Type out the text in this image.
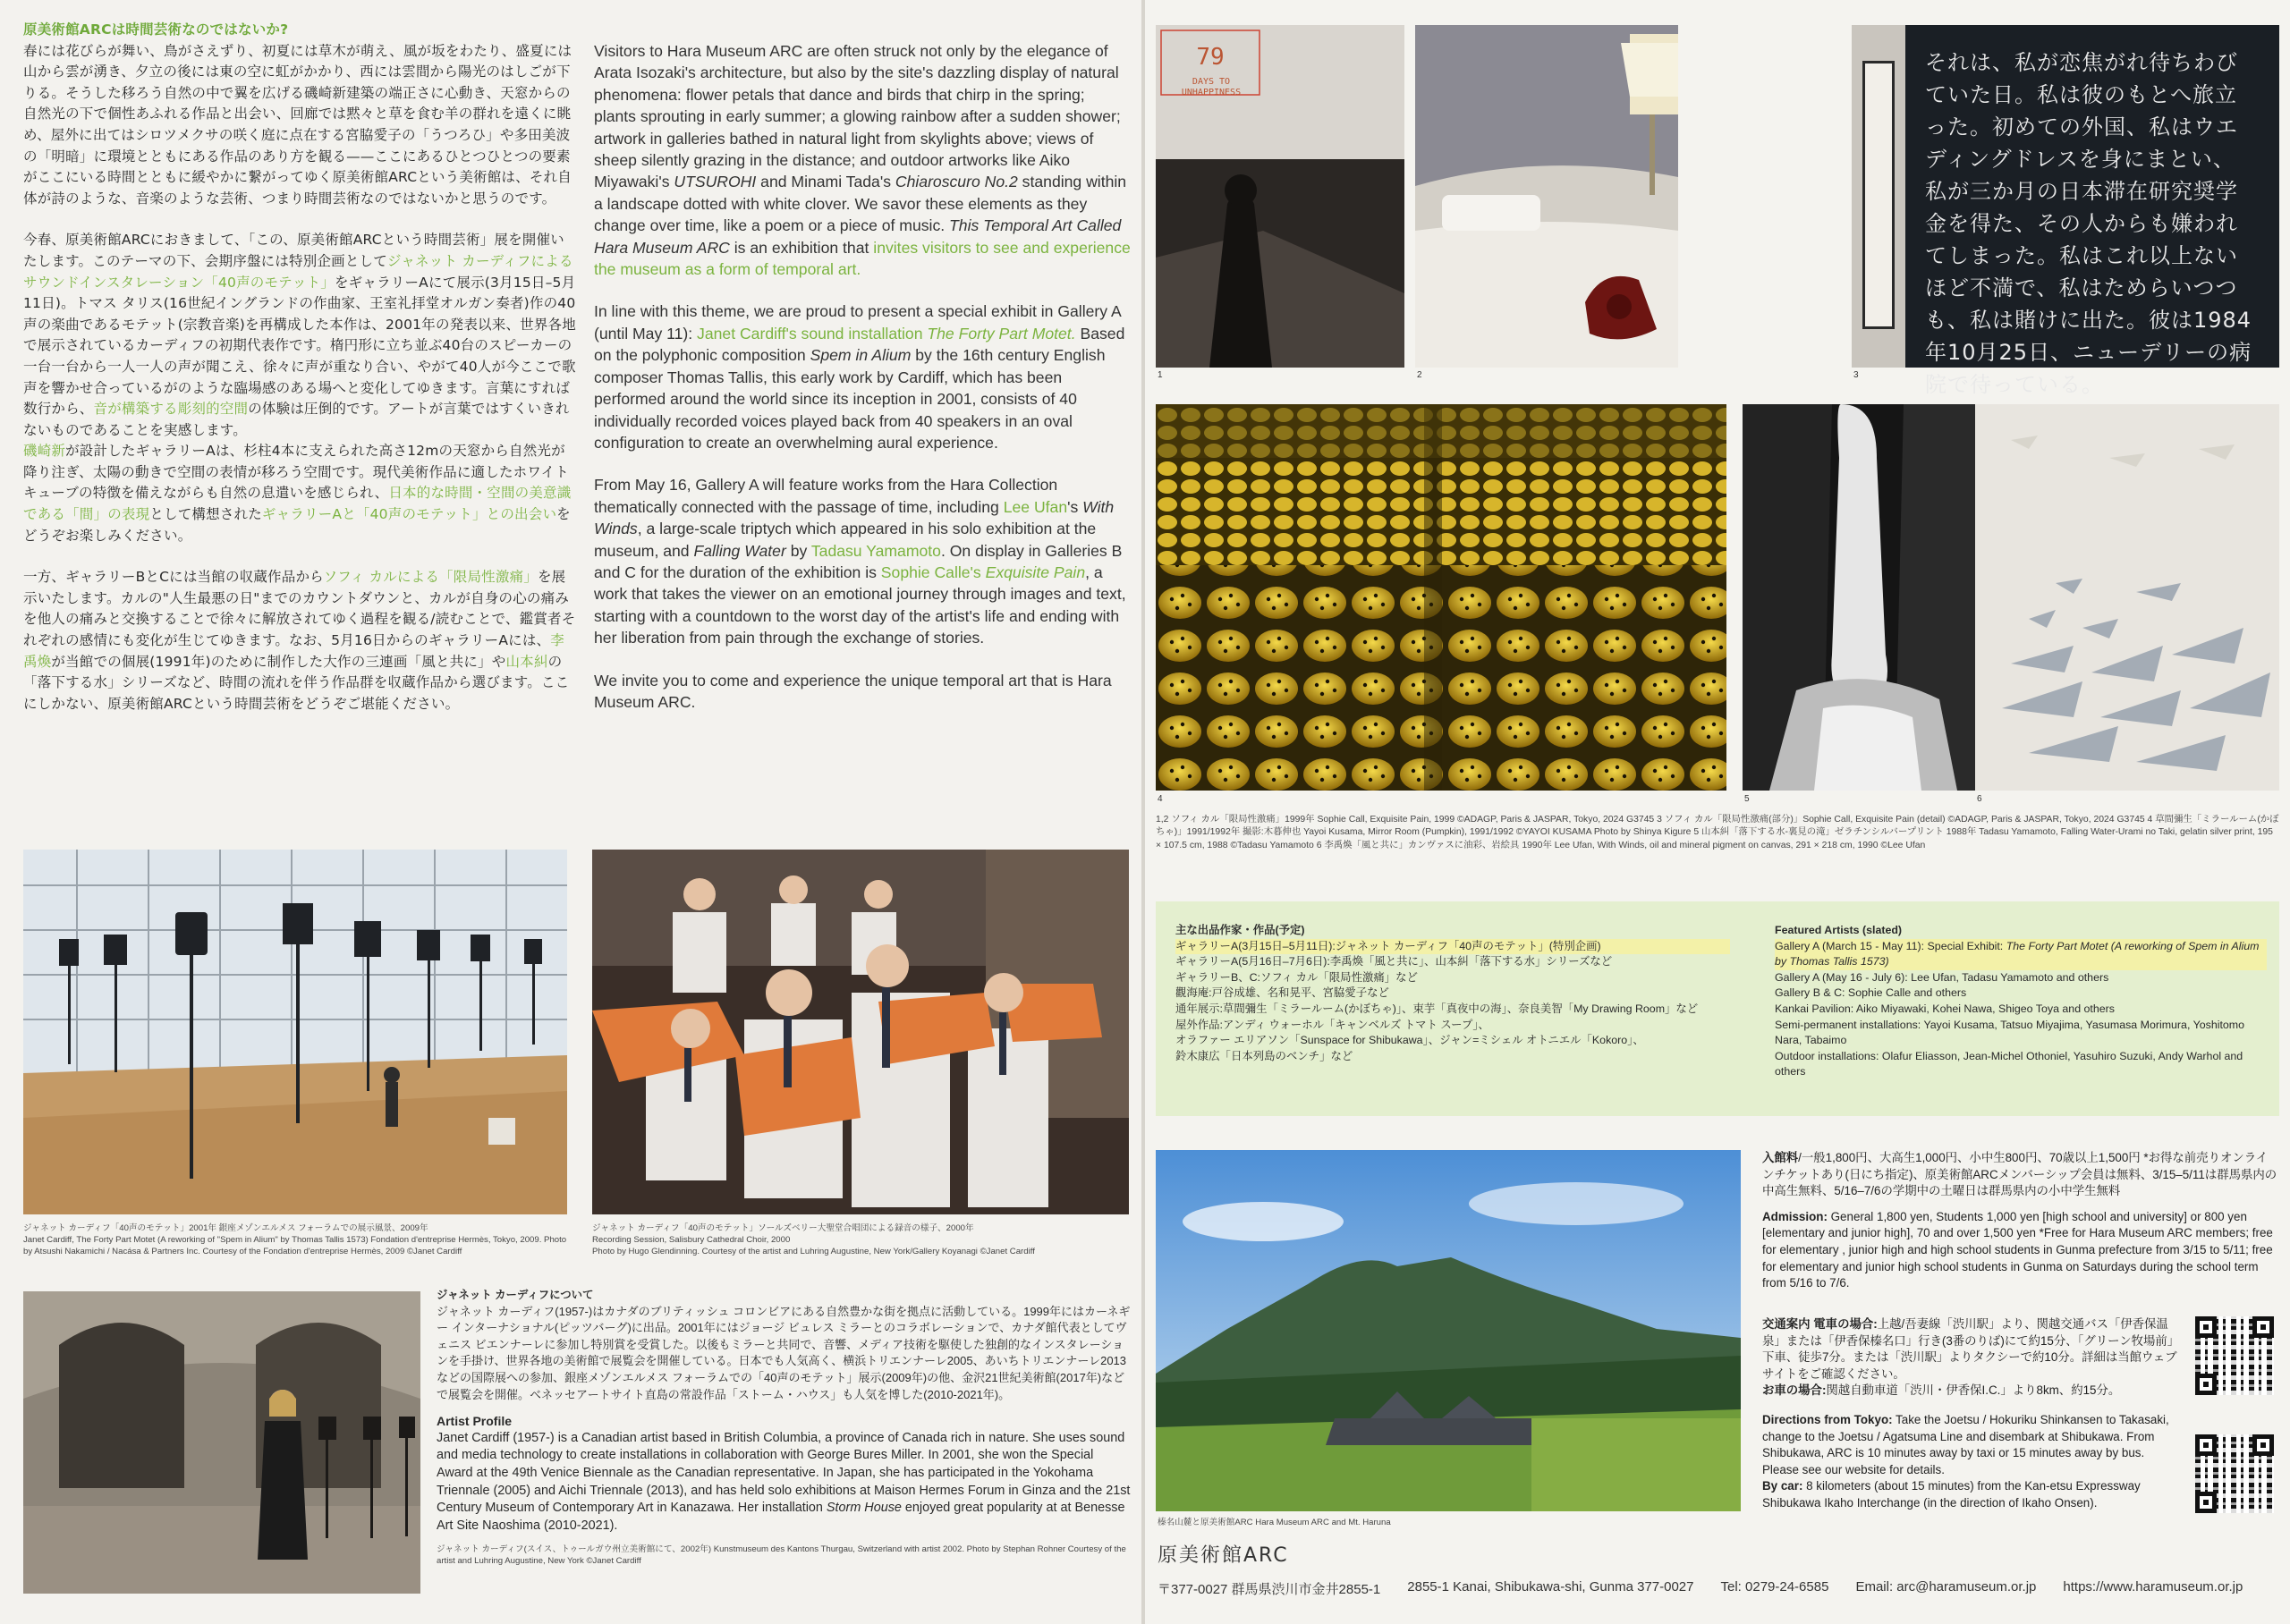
原美術館ARCは時間芸術なのではないか?

春には花びらが舞い、鳥がさえずり、初夏には草木が萌え、風が坂をわたり、盛夏には山から雲が湧き、夕立の後には東の空に虹がかかり、西には雲間から陽光のはしごが下りる。そうした移ろう自然の中で翼を広げる磯崎新建築の端正さに心動き、天窓からの自然光の下で個性あふれる作品と出会い、回廊では黙々と草を食む羊の群れを遠くに眺め、屋外に出てはシロツメクサの咲く庭に点在する宮脇愛子の「うつろひ」や多田美波の「明暗」に環境とともにある作品のあり方を観る——ここにあるひとつひとつの要素がここにいる時間とともに緩やかに繋がってゆく原美術館ARCという美術館は、それ自体が詩のような、音楽のような芸術、つまり時間芸術なのではないかと思うのです。

今春、原美術館ARCにおきまして、「この、原美術館ARCという時間芸術」展を開催いたします。このテーマの下、会期序盤には特別企画としてジャネット カーディフによるサウンドインスタレーション「40声のモテット」をギャラリーAにて展示(3月15日–5月11日)。トマス タリス(16世紀イングランドの作曲家、王室礼拝堂オルガン奏者)作の40声の楽曲であるモテット(宗教音楽)を再構成した本作は、2001年の発表以来、世界各地で展示されているカーディフの初期代表作です。楕円形に立ち並ぶ40台のスピーカーの一台一台から一人一人の声が聞こえ、徐々に声が重なり合い、やがて40人が今ここで歌声を響かせ合っているがのような臨場感のある場へと変化してゆきます。言葉にすれば数行から、音が構築する彫刻的空間の体験は圧倒的です。アートが言葉ではすくいきれないものであることを実感します。
磯崎新が設計したギャラリーAは、杉柱4本に支えられた高さ12mの天窓から自然光が降り注ぎ、太陽の動きで空間の表情が移ろう空間です。現代美術作品に適したホワイトキューブの特徴を備えながらも自然の息遣いを感じられ、日本的な時間・空間の美意識である「間」の表現として構想されたギャラリーAと「40声のモテット」との出会いをどうぞお楽しみください。

一方、ギャラリーBとCには当館の収蔵作品からソフィ カルによる「限局性激痛」を展示いたします。カルの"人生最悪の日"までのカウントダウンと、カルが自身の心の痛みを他人の痛みと交換することで徐々に解放されてゆく過程を観る/読むことで、鑑賞者それぞれの感情にも変化が生じてゆきます。なお、5月16日からのギャラリーAには、李禹煥が当館での個展(1991年)のために制作した大作の三連画「風と共に」や山本糾の「落下する水」シリーズなど、時間の流れを伴う作品群を収蔵作品から選びます。ここにしかない、原美術館ARCという時間芸術をどうぞご堪能ください。

Visitors to Hara Museum ARC are often struck not only by the elegance of Arata Isozaki's architecture, but also by the site's dazzling display of natural phenomena: flower petals that dance and birds that chirp in the spring; plants sprouting in early summer; a glowing rainbow after a sudden shower; artwork in galleries bathed in natural light from skylights above; views of sheep silently grazing in the distance; and outdoor artworks like Aiko Miyawaki's UTSUROHI and Minami Tada's Chiaroscuro No.2 standing within a landscape dotted with white clover. We savor these elements as they change over time, like a poem or a piece of music. This Temporal Art Called Hara Museum ARC is an exhibition that invites visitors to see and experience the museum as a form of temporal art.

In line with this theme, we are proud to present a special exhibit in Gallery A (until May 11): Janet Cardiff's sound installation The Forty Part Motet. Based on the polyphonic composition Spem in Alium by the 16th century English composer Thomas Tallis, this early work by Cardiff, which has been performed around the world since its inception in 2001, consists of 40 individually recorded voices played back from 40 speakers in an oval configuration to create an overwhelming aural experience.

From May 16, Gallery A will feature works from the Hara Collection thematically connected with the passage of time, including Lee Ufan's With Winds, a large-scale triptych which appeared in his solo exhibition at the museum, and Falling Water by Tadasu Yamamoto. On display in Galleries B and C for the duration of the exhibition is Sophie Calle's Exquisite Pain, a work that takes the viewer on an emotional journey through images and text, starting with a countdown to the worst day of the artist's life and ending with her liberation from pain through the exchange of stories.

We invite you to come and experience the unique temporal art that is Hara Museum ARC.

ジャネット カーディフ「40声のモテット」2001年 銀座メゾンエルメス フォーラムでの展示風景、2009年
Janet Cardiff, The Forty Part Motet (A reworking of "Spem in Alium" by Thomas Tallis 1573) Fondation d'entreprise Hermès, Tokyo, 2009. Photo by Atsushi Nakamichi / Nacása & Partners Inc. Courtesy of the Fondation d'entreprise Hermès, 2009 ©Janet Cardiff
ジャネット カーディフ「40声のモテット」ソールズベリー大聖堂合唱団による録音の様子、2000年
Recording Session, Salisbury Cathedral Choir, 2000
Photo by Hugo Glendinning. Courtesy of the artist and Luhring Augustine, New York/Gallery Koyanagi ©Janet Cardiff
ジャネット カーディフについて
ジャネット カーディフ(1957-)はカナダのブリティッシュ コロンビアにある自然豊かな街を拠点に活動している。1999年にはカーネギー インターナショナル(ピッツバーグ)に出品。2001年にはジョージ ビュレス ミラーとのコラボレーションで、カナダ館代表としてヴェニス ビエンナーレに参加し特別賞を受賞した。以後もミラーと共同で、音響、メディア技術を駆使した独創的なインスタレーションを手掛け、世界各地の美術館で展覧会を開催している。日本でも人気高く、横浜トリエンナーレ2005、あいちトリエンナーレ2013などの国際展への参加、銀座メゾンエルメス フォーラムでの「40声のモテット」展示(2009年)の他、金沢21世紀美術館(2017年)などで展覧会を開催。ベネッセアートサイト直島の常設作品「ストーム・ハウス」も人気を博した(2010-2021年)。
Artist Profile
Janet Cardiff (1957-) is a Canadian artist based in British Columbia, a province of Canada rich in nature. She uses sound and media technology to create installations in collaboration with George Bures Miller. In 2001, she won the Special Award at the 49th Venice Biennale as the Canadian representative. In Japan, she has participated in the Yokohama Triennale (2005) and Aichi Triennale (2013), and has held solo exhibitions at Maison Hermes Forum in Ginza and the 21st Century Museum of Contemporary Art in Kanazawa. Her installation Storm House enjoyed great popularity at at Benesse Art Site Naoshima (2010-2021).
ジャネット カーディフ(スイス、トゥールガウ州立美術館にて、2002年) Kunstmuseum des Kantons Thurgau, Switzerland with artist 2002. Photo by Stephan Rohner Courtesy of the artist and Luhring Augustine, New York ©Janet Cardiff
79
DAYS TO UNHAPPINESS
1	2
それは、私が恋焦がれ待ちわびていた日。私は彼のもとへ旅立った。初めての外国、私はウエディングドレスを身にまとい、私が三か月の日本滞在研究奨学金を得た、その人からも嫌われてしまった。私はこれ以上ないほど不満で、私はためらいつつも、私は賭けに出た。彼は1984年10月25日、ニューデリーの病院で待っている。
3
4	5	6
1,2 ソフィ カル「限局性激痛」1999年 Sophie Call, Exquisite Pain, 1999 ©ADAGP, Paris & JASPAR, Tokyo, 2024 G3745 3 ソフィ カル「限局性激痛(部分)」Sophie Call, Exquisite Pain (detail) ©ADAGP, Paris & JASPAR, Tokyo, 2024 G3745 4 草間彌生「ミラールーム(かぼちゃ)」1991/1992年 撮影:木暮伸也 Yayoi Kusama, Mirror Room (Pumpkin), 1991/1992 ©YAYOI KUSAMA Photo by Shinya Kigure 5 山本糾「落下する水-裏見の滝」ゼラチンシルバープリント 1988年 Tadasu Yamamoto, Falling Water-Urami no Taki, gelatin silver print, 195 × 107.5 cm, 1988 ©Tadasu Yamamoto 6 李禹煥「風と共に」カンヴァスに油彩、岩絵具 1990年 Lee Ufan, With Winds, oil and mineral pigment on canvas, 291 × 218 cm, 1990 ©Lee Ufan
主な出品作家・作品(予定)
ギャラリーA(3月15日–5月11日):ジャネット カーディフ「40声のモテット」(特別企画)
ギャラリーA(5月16日–7月6日):李禹煥「風と共に」、山本糾「落下する水」シリーズなど
ギャラリーB、C:ソフィ カル「限局性激痛」など
觀海庵:戸谷成雄、名和晃平、宮脇愛子など
通年展示:草間彌生「ミラールーム(かぼちゃ)」、束芋「真夜中の海」、奈良美智「My Drawing Room」など
屋外作品:アンディ ウォーホル「キャンベルズ トマト スープ」、
オラファー エリアソン「Sunspace for Shibukawa」、ジャン=ミシェル オトニエル「Kokoro」、
鈴木康広「日本列島のベンチ」など
Featured Artists (slated)
Gallery A (March 15 - May 11): Special Exhibit: The Forty Part Motet (A reworking of Spem in Alium by Thomas Tallis 1573)
Gallery A (May 16 - July 6): Lee Ufan, Tadasu Yamamoto and others
Gallery B & C: Sophie Calle and others
Kankai Pavilion: Aiko Miyawaki, Kohei Nawa, Shigeo Toya and others
Semi-permanent installations: Yayoi Kusama, Tatsuo Miyajima, Yasumasa Morimura, Yoshitomo Nara, Tabaimo
Outdoor installations: Olafur Eliasson, Jean-Michel Othoniel, Yasuhiro Suzuki, Andy Warhol and others
榛名山麓と原美術館ARC Hara Museum ARC and Mt. Haruna
入館料/一般1,800円、大高生1,000円、小中生800円、70歳以上1,500円 *お得な前売りオンラインチケットあり(日にち指定)、原美術館ARCメンバーシップ会員は無料、3/15–5/11は群馬県内の中高生無料、5/16–7/6の学期中の土曜日は群馬県内の小中学生無料
Admission: General 1,800 yen, Students 1,000 yen [high school and university] or 800 yen [elementary and junior high], 70 and over 1,500 yen *Free for Hara Museum ARC members; free for elementary , junior high and high school students in Gunma prefecture from 3/15 to 5/11; free for elementary and junior high school students in Gunma on Saturdays during the school term from 5/16 to 7/6.
交通案内 電車の場合:上越/吾妻線「渋川駅」より、関越交通バス「伊香保温泉」または「伊香保榛名口」行き(3番のりば)にて約15分、「グリーン牧場前」下車、徒歩7分。または「渋川駅」よりタクシーで約10分。詳細は当館ウェブサイトをご確認ください。
お車の場合:関越自動車道「渋川・伊香保I.C.」より8km、約15分。
Directions from Tokyo: Take the Joetsu / Hokuriku Shinkansen to Takasaki, change to the Joetsu / Agatsuma Line and disembark at Shibukawa. From Shibukawa, ARC is 10 minutes away by taxi or 15 minutes away by bus. Please see our website for details.
By car: 8 kilometers (about 15 minutes) from the Kan-etsu Expressway Shibukawa Ikaho Interchange (in the direction of Ikaho Onsen).
原美術館ARC
〒377-0027 群馬県渋川市金井2855-1 2855-1 Kanai, Shibukawa-shi, Gunma 377-0027 Tel: 0279-24-6585 Email: arc@haramuseum.or.jp https://www.haramuseum.or.jp
